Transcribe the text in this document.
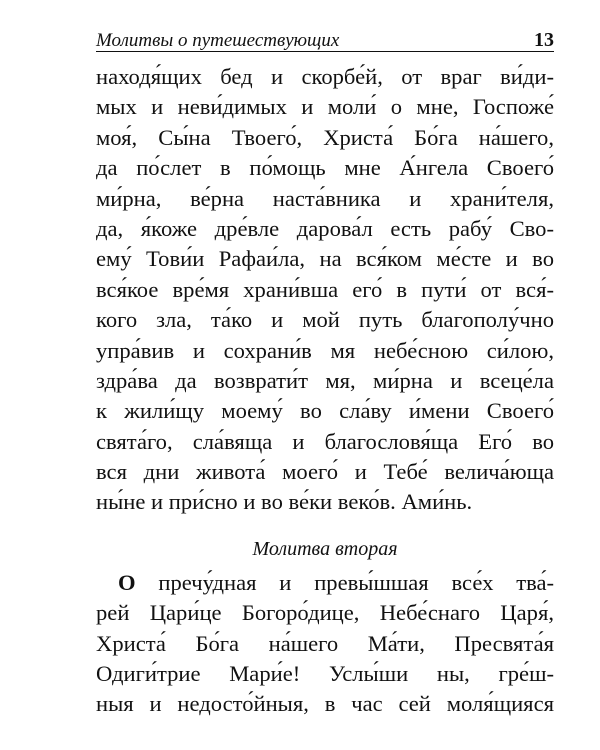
Молитвы о путешествующих	13
находя́щих бед и скорбе́й, от враг ви́ди-
мых и неви́димых и моли́ о мне, Госпоже́
моя́, Сы́на Твоего́, Христа́ Бо́га на́шего,
да по́слет в по́мощь мне А́нгела Своего́
ми́рна, ве́рна наста́вника и храни́теля,
да, я́коже дре́вле дарова́л есть рабу́ Сво-
ему́ Тови́и Рафаи́ла, на вся́ком ме́сте и во
вся́кое вре́мя храни́вша его́ в пути́ от вся́-
кого зла, та́ко и мой путь благополу́чно
упра́вив и сохрани́в мя небе́сною си́лою,
здра́ва да возврати́т мя, ми́рна и всеце́ла
к жили́щу моему́ во сла́ву и́мени Своего́
свята́го, сла́вяща и благословя́ща Его́ во
вся дни живота́ моего́ и Тебе́ велича́юща
ны́не и при́сно и во ве́ки веко́в. Ами́нь.
Молитва вторая
О пречу́дная и превы́шшая все́х тва́-
рей Цари́це Богоро́дице, Небе́снаго Царя́,
Христа́ Бо́га на́шего Ма́ти, Пресвята́я
Одиги́трие Мари́е! Услы́ши ны, гре́ш-
ныя и недосто́йныя, в час сей моля́щияся
